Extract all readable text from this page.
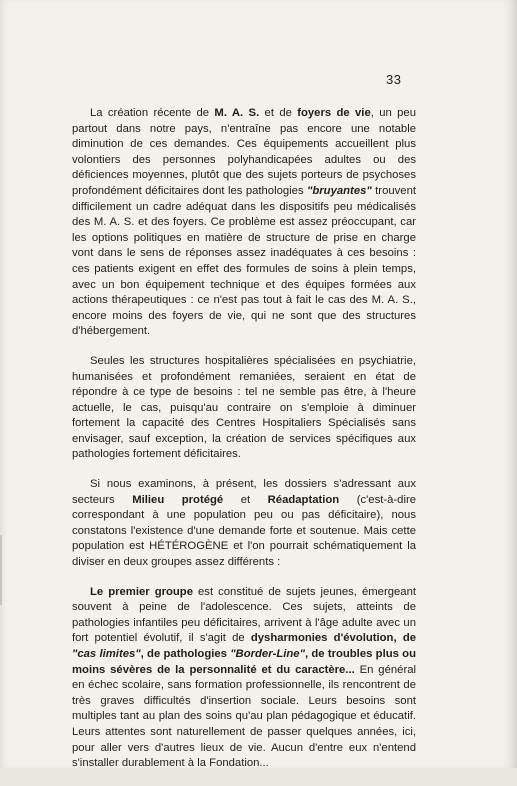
33

La création récente de M. A. S. et de foyers de vie, un peu partout dans notre pays, n'entraîne pas encore une notable diminution de ces demandes. Ces équipements accueillent plus volontiers des personnes polyhandicapées adultes ou des déficiences moyennes, plutôt que des sujets porteurs de psychoses profondément déficitaires dont les pathologies "bruyantes" trouvent difficilement un cadre adéquat dans les dispositifs peu médicalisés des M. A. S. et des foyers. Ce problème est assez préoccupant, car les options politiques en matière de structure de prise en charge vont dans le sens de réponses assez inadéquates à ces besoins : ces patients exigent en effet des formules de soins à plein temps, avec un bon équipement technique et des équipes formées aux actions thérapeutiques : ce n'est pas tout à fait le cas des M. A. S., encore moins des foyers de vie, qui ne sont que des structures d'hébergement.

Seules les structures hospitalières spécialisées en psychiatrie, humanisées et profondément remaniées, seraient en état de répondre à ce type de besoins : tel ne semble pas être, à l'heure actuelle, le cas, puisqu'au contraire on s'emploie à diminuer fortement la capacité des Centres Hospitaliers Spécialisés sans envisager, sauf exception, la création de services spécifiques aux pathologies fortement déficitaires.

Si nous examinons, à présent, les dossiers s'adressant aux secteurs Milieu protégé et Réadaptation (c'est-à-dire correspondant à une population peu ou pas déficitaire), nous constatons l'existence d'une demande forte et soutenue. Mais cette population est HÉTÉROGÈNE et l'on pourrait schématiquement la diviser en deux groupes assez différents :

Le premier groupe est constitué de sujets jeunes, émergeant souvent à peine de l'adolescence. Ces sujets, atteints de pathologies infantiles peu déficitaires, arrivent à l'âge adulte avec un fort potentiel évolutif, il s'agit de dysharmonies d'évolution, de "cas limites", de pathologies "Border-Line", de troubles plus ou moins sévères de la personnalité et du caractère... En général en échec scolaire, sans formation professionnelle, ils rencontrent de très graves difficultés d'insertion sociale. Leurs besoins sont multiples tant au plan des soins qu'au plan pédagogique et éducatif. Leurs attentes sont naturellement de passer quelques années, ici, pour aller vers d'autres lieux de vie. Aucun d'entre eux n'entend s'installer durablement à la Fondation...
